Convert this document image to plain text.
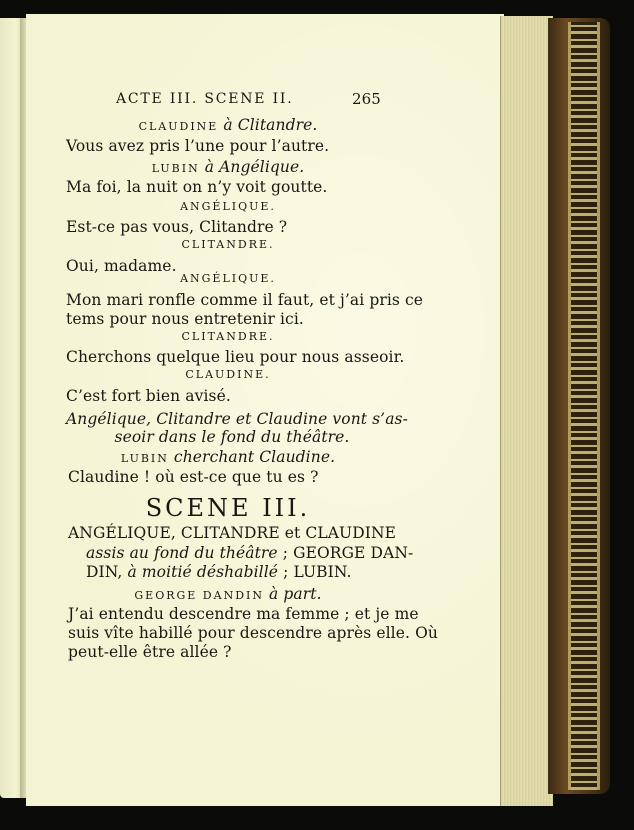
ACTE III. SCENE II.	265
CLAUDINE à Clitandre.
Vous avez pris l’une pour l’autre.
LUBIN à Angélique.
Ma foi, la nuit on n’y voit goutte.
ANGÉLIQUE.
Est-ce pas vous, Clitandre ?
CLITANDRE.
Oui, madame.
ANGÉLIQUE.
Mon mari ronfle comme il faut, et j’ai pris ce
tems pour nous entretenir ici.
CLITANDRE.
Cherchons quelque lieu pour nous asseoir.
CLAUDINE.
C’est fort bien avisé.
Angélique, Clitandre et Claudine vont s’as-
seoir dans le fond du théâtre.
LUBIN cherchant Claudine.
Claudine ! où est-ce que tu es ?
SCENE III.
ANGÉLIQUE, CLITANDRE et CLAUDINE
assis au fond du théâtre ; GEORGE DAN-
DIN, à moitié déshabillé ; LUBIN.
GEORGE DANDIN à part.
J’ai entendu descendre ma femme ; et je me
suis vîte habillé pour descendre après elle. Où
peut-elle être allée ?
